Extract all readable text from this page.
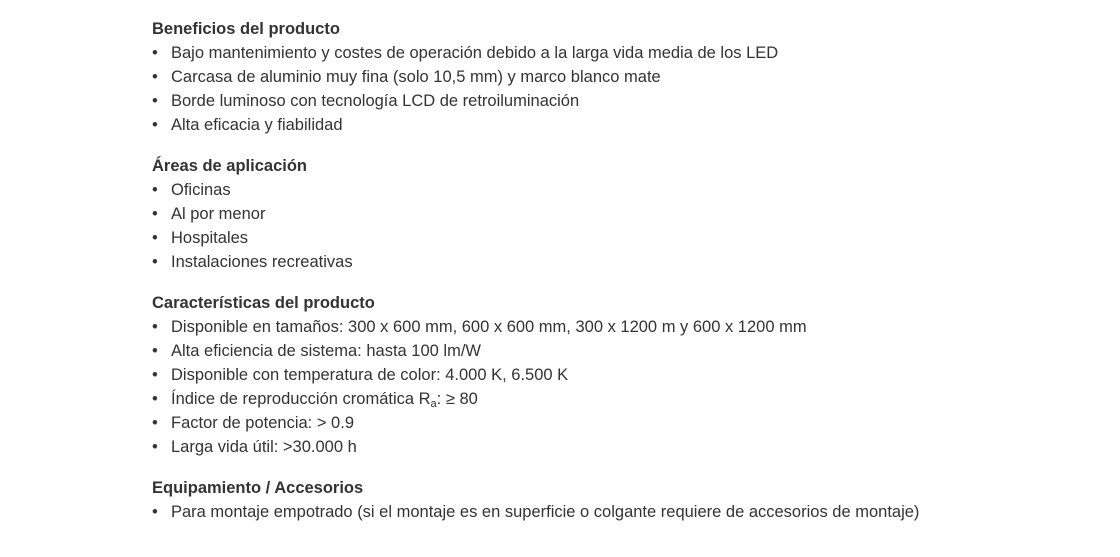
Beneficios del producto
• Bajo mantenimiento y costes de operación debido a la larga vida media de los LED
• Carcasa de aluminio muy fina (solo 10,5 mm) y marco blanco mate
• Borde luminoso con tecnología LCD de retroiluminación
• Alta eficacia y fiabilidad
Áreas de aplicación
• Oficinas
• Al por menor
• Hospitales
• Instalaciones recreativas
Características del producto
• Disponible en tamaños: 300 x 600 mm, 600 x 600 mm, 300 x 1200 m y 600 x 1200 mm
• Alta eficiencia de sistema: hasta 100 lm/W
• Disponible con temperatura de color: 4.000 K, 6.500 K
• Índice de reproducción cromática $R_a$: ≥ 80
• Factor de potencia: > 0.9
• Larga vida útil: >30.000 h
Equipamiento / Accesorios
• Para montaje empotrado (si el montaje es en superficie o colgante requiere de accesorios de montaje)
